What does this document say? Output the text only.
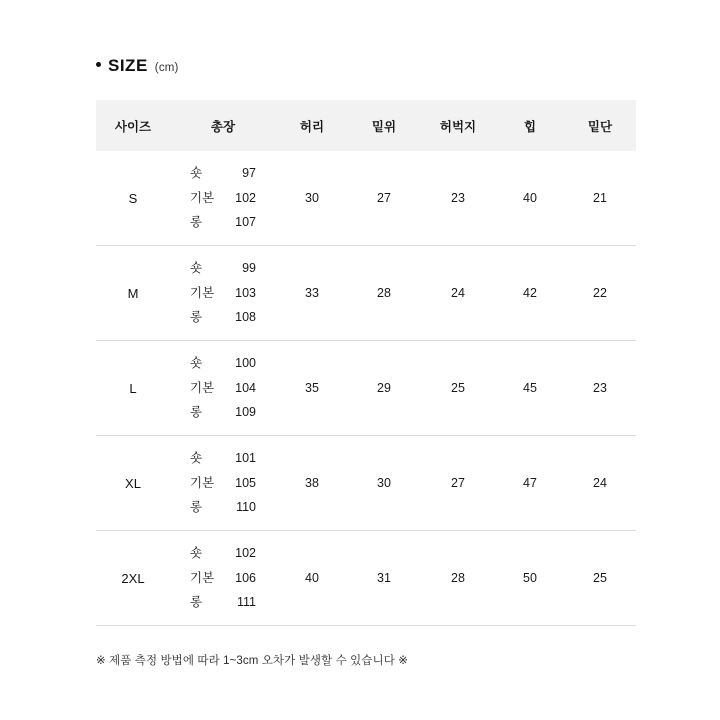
SIZE (cm)
사이즈	총장	허리	밑위	허벅지	힙	밑단
S	숏 97
기본 102
롱 107	30	27	23	40	21
M	숏 99
기본 103
롱 108	33	28	24	42	22
L	숏 100
기본 104
롱 109	35	29	25	45	23
XL	숏 101
기본 105
롱 110	38	30	27	47	24
2XL	숏 102
기본 106
롱 111	40	31	28	50	25
※ 제품 측정 방법에 따라 1~3cm 오차가 발생할 수 있습니다 ※
